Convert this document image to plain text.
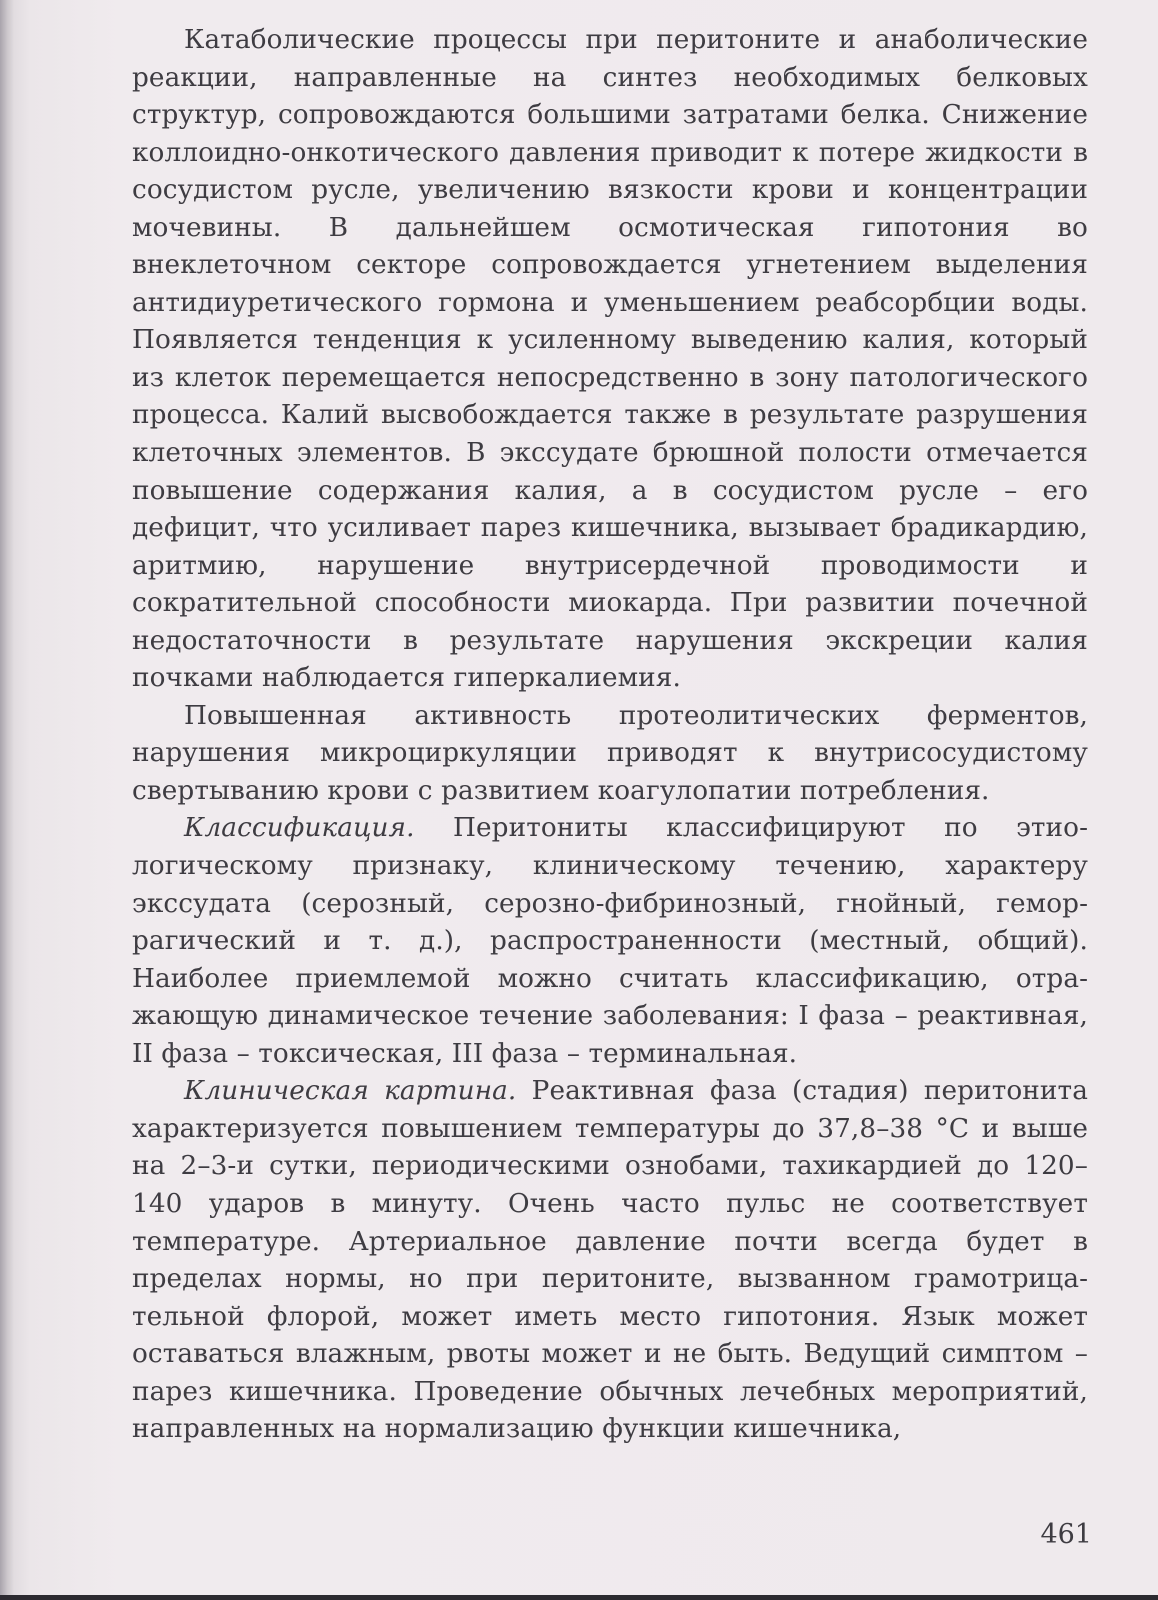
Катаболические процессы при перитоните и анаболические реакции, направленные на синтез необходимых белковых структур, сопровождаются большими затратами белка. Снижение коллоидно-онкотического давления приводит к потере жидкости в сосудистом русле, увеличению вязкости крови и концентрации мочевины. В дальнейшем осмотическая гипотония во внеклеточном секторе сопровождается угнетением выделения антидиуретического гормона и уменьшением реабсорбции воды. Появляется тенденция к усиленному выведению калия, который из клеток перемещается непосредственно в зону патологического процесса. Калий высвобождается также в результате разрушения клеточных элементов. В экссудате брюшной полости отмечается повышение содержания калия, а в сосудистом русле – его дефицит, что усиливает парез кишечника, вызывает брадикардию, аритмию, нарушение внутрисердечной проводимости и сократительной способности миокарда. При развитии почечной недостаточности в результате нарушения экскреции калия почками наблюдается гиперкалиемия.

Повышенная активность протеолитических ферментов, нарушения микроциркуляции приводят к внутрисосудистому свертыванию крови с развитием коагулопатии потребления.

Классификация. Перитониты классифицируют по этиологическому признаку, клиническому течению, характеру экссудата (серозный, серозно-фибринозный, гнойный, геморрагический и т. д.), распространенности (местный, общий). Наиболее приемлемой можно считать классификацию, отражающую динамическое течение заболевания: I фаза – реактивная, II фаза – токсическая, III фаза – терминальная.

Клиническая картина. Реактивная фаза (стадия) перитонита характеризуется повышением температуры до 37,8–38 °С и выше на 2–3-и сутки, периодическими ознобами, тахикардией до 120–140 ударов в минуту. Очень часто пульс не соответствует температуре. Артериальное давление почти всегда будет в пределах нормы, но при перитоните, вызванном грамотрицательной флорой, может иметь место гипотония. Язык может оставаться влажным, рвоты может и не быть. Ведущий симптом – парез кишечника. Проведение обычных лечебных мероприятий, направленных на нормализацию функции кишечника,

461
